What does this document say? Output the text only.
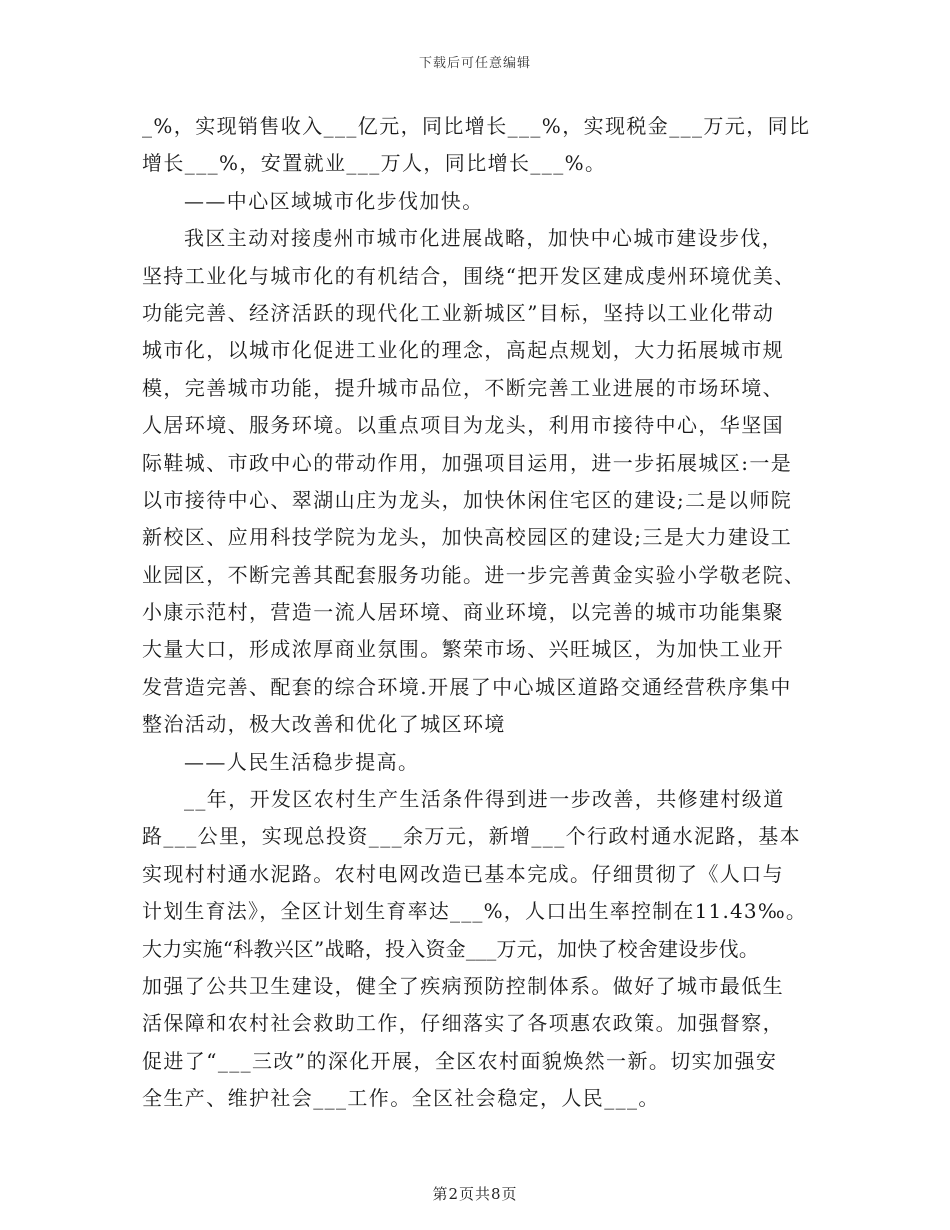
下载后可任意编辑
_%，实现销售收入___亿元，同比增长___%，实现税金___万元，同比
增长___%，安置就业___万人，同比增长___%。
——中心区域城市化步伐加快。
我区主动对接虔州市城市化进展战略，加快中心城市建设步伐，
坚持工业化与城市化的有机结合，围绕“把开发区建成虔州环境优美、
功能完善、经济活跃的现代化工业新城区”目标，坚持以工业化带动
城市化，以城市化促进工业化的理念，高起点规划，大力拓展城市规
模，完善城市功能，提升城市品位，不断完善工业进展的市场环境、
人居环境、服务环境。以重点项目为龙头，利用市接待中心，华坚国
际鞋城、市政中心的带动作用，加强项目运用，进一步拓展城区:一是
以市接待中心、翠湖山庄为龙头，加快休闲住宅区的建设;二是以师院
新校区、应用科技学院为龙头，加快高校园区的建设;三是大力建设工
业园区，不断完善其配套服务功能。进一步完善黄金实验小学敬老院、
小康示范村，营造一流人居环境、商业环境，以完善的城市功能集聚
大量大口，形成浓厚商业氛围。繁荣市场、兴旺城区，为加快工业开
发营造完善、配套的综合环境.开展了中心城区道路交通经营秩序集中
整治活动，极大改善和优化了城区环境
——人民生活稳步提高。
__年，开发区农村生产生活条件得到进一步改善，共修建村级道
路___公里，实现总投资___余万元，新增___个行政村通水泥路，基本
实现村村通水泥路。农村电网改造已基本完成。仔细贯彻了《人口与
计划生育法》，全区计划生育率达___%，人口出生率控制在11.43‰。
大力实施“科教兴区”战略，投入资金___万元，加快了校舍建设步伐。
加强了公共卫生建设，健全了疾病预防控制体系。做好了城市最低生
活保障和农村社会救助工作，仔细落实了各项惠农政策。加强督察，
促进了“___三改”的深化开展，全区农村面貌焕然一新。切实加强安
全生产、维护社会___工作。全区社会稳定，人民___。
第2页共8页
